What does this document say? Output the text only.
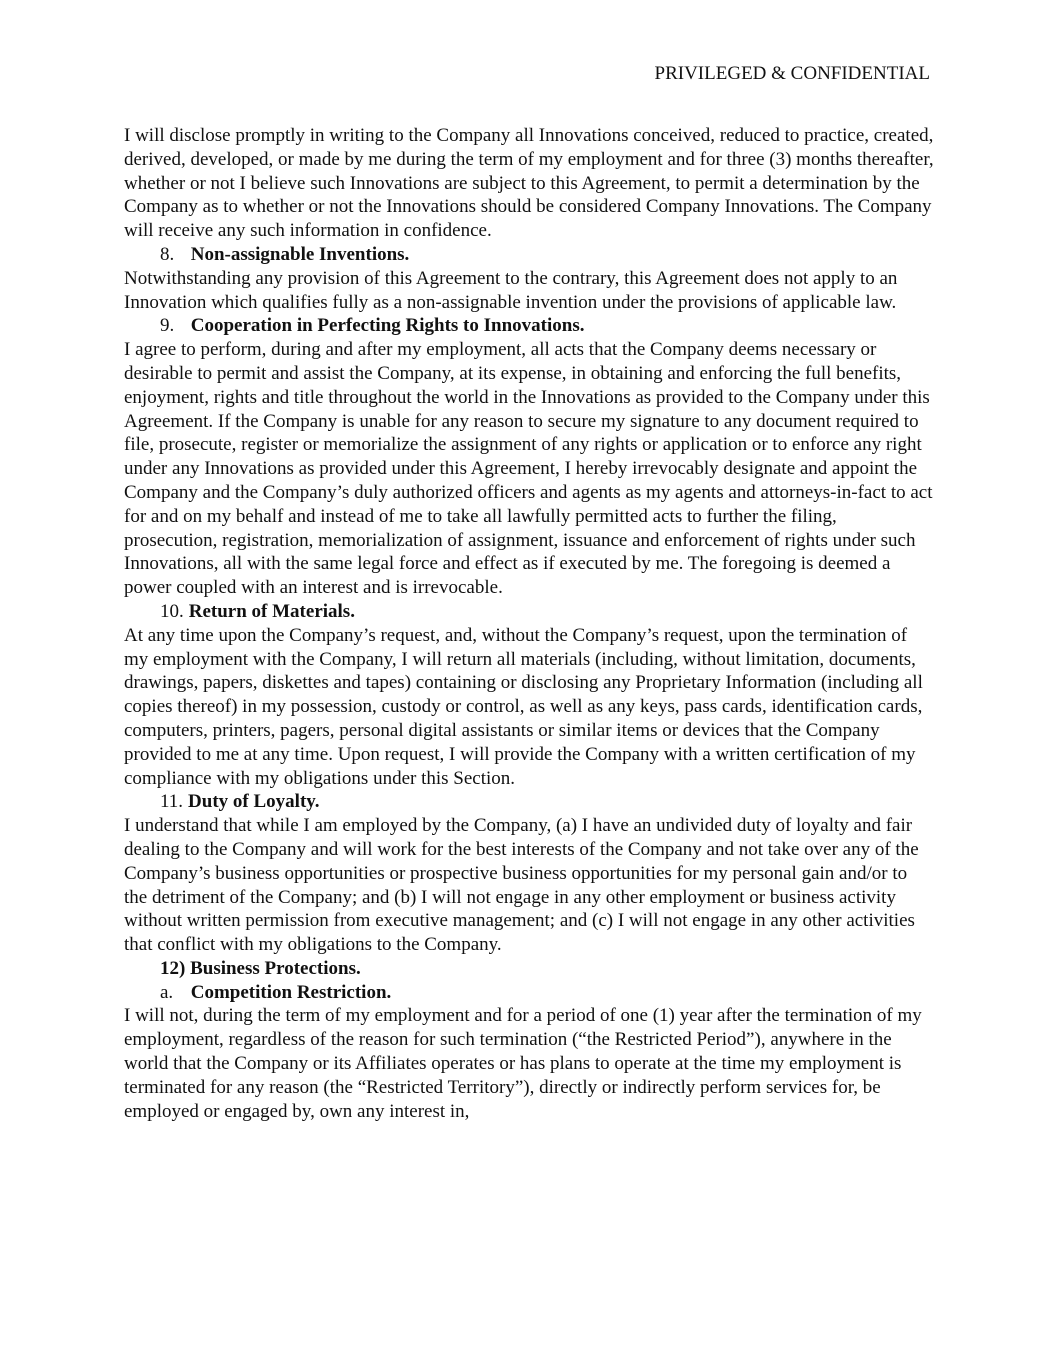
PRIVILEGED & CONFIDENTIAL

I will disclose promptly in writing to the Company all Innovations conceived, reduced to practice, created, derived, developed, or made by me during the term of my employment and for three (3) months thereafter, whether or not I believe such Innovations are subject to this Agreement, to permit a determination by the Company as to whether or not the Innovations should be considered Company Innovations. The Company will receive any such information in confidence.

8. Non-assignable Inventions.

Notwithstanding any provision of this Agreement to the contrary, this Agreement does not apply to an Innovation which qualifies fully as a non-assignable invention under the provisions of applicable law.

9. Cooperation in Perfecting Rights to Innovations.

I agree to perform, during and after my employment, all acts that the Company deems necessary or desirable to permit and assist the Company, at its expense, in obtaining and enforcing the full benefits, enjoyment, rights and title throughout the world in the Innovations as provided to the Company under this Agreement. If the Company is unable for any reason to secure my signature to any document required to file, prosecute, register or memorialize the assignment of any rights or application or to enforce any right under any Innovations as provided under this Agreement, I hereby irrevocably designate and appoint the Company and the Company’s duly authorized officers and agents as my agents and attorneys-in-fact to act for and on my behalf and instead of me to take all lawfully permitted acts to further the filing, prosecution, registration, memorialization of assignment, issuance and enforcement of rights under such Innovations, all with the same legal force and effect as if executed by me. The foregoing is deemed a power coupled with an interest and is irrevocable.

10. Return of Materials.

At any time upon the Company’s request, and, without the Company’s request, upon the termination of my employment with the Company, I will return all materials (including, without limitation, documents, drawings, papers, diskettes and tapes) containing or disclosing any Proprietary Information (including all copies thereof) in my possession, custody or control, as well as any keys, pass cards, identification cards, computers, printers, pagers, personal digital assistants or similar items or devices that the Company provided to me at any time. Upon request, I will provide the Company with a written certification of my compliance with my obligations under this Section.

11. Duty of Loyalty.

I understand that while I am employed by the Company, (a) I have an undivided duty of loyalty and fair dealing to the Company and will work for the best interests of the Company and not take over any of the Company’s business opportunities or prospective business opportunities for my personal gain and/or to the detriment of the Company; and (b) I will not engage in any other employment or business activity without written permission from executive management; and (c) I will not engage in any other activities that conflict with my obligations to the Company.

12) Business Protections.
a. Competition Restriction.

I will not, during the term of my employment and for a period of one (1) year after the termination of my employment, regardless of the reason for such termination (“the Restricted Period”), anywhere in the world that the Company or its Affiliates operates or has plans to operate at the time my employment is terminated for any reason (the “Restricted Territory”), directly or indirectly perform services for, be employed or engaged by, own any interest in,
